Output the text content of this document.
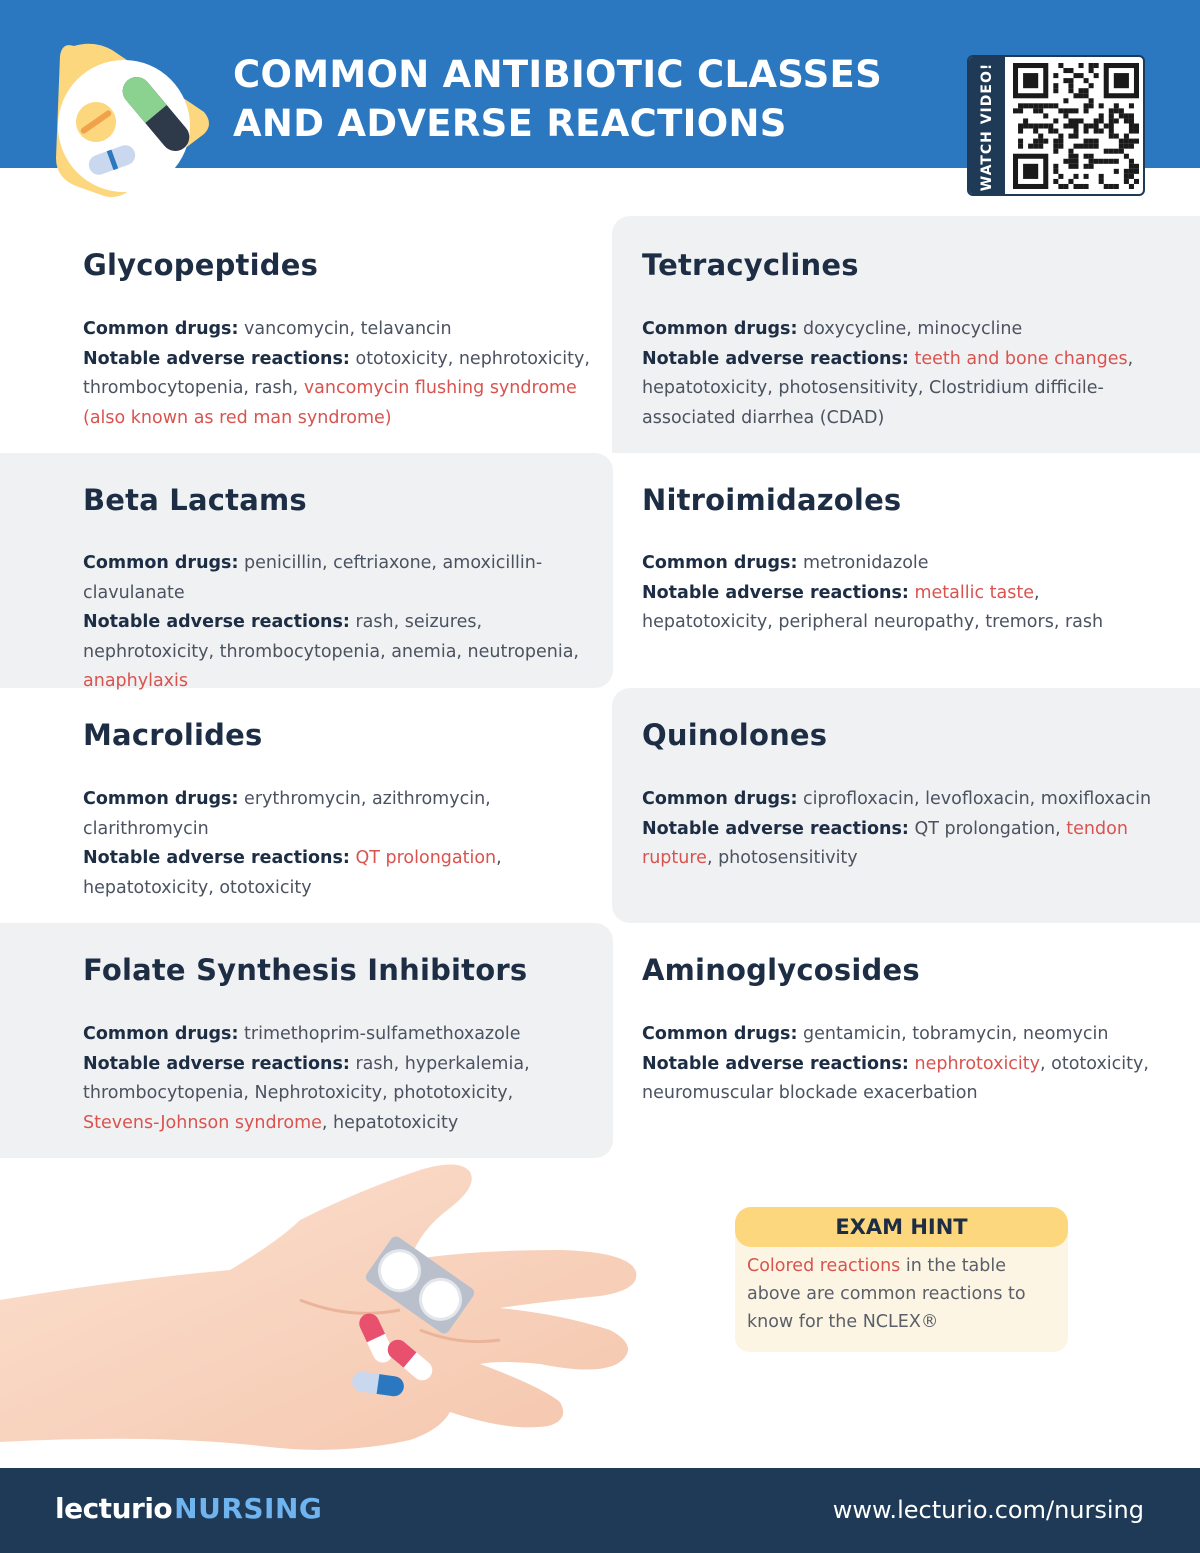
COMMON ANTIBIOTIC CLASSES
AND ADVERSE REACTIONS	WATCH VIDEO!
Glycopeptides
Common drugs: vancomycin, telavancin
Notable adverse reactions: ototoxicity, nephrotoxicity, thrombocytopenia, rash, vancomycin flushing syndrome (also known as red man syndrome)
Tetracyclines
Common drugs: doxycycline, minocycline
Notable adverse reactions: teeth and bone changes, hepatotoxicity, photosensitivity, Clostridium difficile-associated diarrhea (CDAD)
Beta Lactams
Common drugs: penicillin, ceftriaxone, amoxicillin-clavulanate
Notable adverse reactions: rash, seizures, nephrotoxicity, thrombocytopenia, anemia, neutropenia, anaphylaxis
Nitroimidazoles
Common drugs: metronidazole
Notable adverse reactions: metallic taste, hepatotoxicity, peripheral neuropathy, tremors, rash
Macrolides
Common drugs: erythromycin, azithromycin, clarithromycin
Notable adverse reactions: QT prolongation, hepatotoxicity, ototoxicity
Quinolones
Common drugs: ciprofloxacin, levofloxacin, moxifloxacin
Notable adverse reactions: QT prolongation, tendon rupture, photosensitivity
Folate Synthesis Inhibitors
Common drugs: trimethoprim-sulfamethoxazole
Notable adverse reactions: rash, hyperkalemia, thrombocytopenia, Nephrotoxicity, phototoxicity, Stevens-Johnson syndrome, hepatotoxicity
Aminoglycosides
Common drugs: gentamicin, tobramycin, neomycin
Notable adverse reactions: nephrotoxicity, ototoxicity, neuromuscular blockade exacerbation
EXAM HINT
Colored reactions in the table above are common reactions to know for the NCLEX®
lecturioNURSING	www.lecturio.com/nursing
